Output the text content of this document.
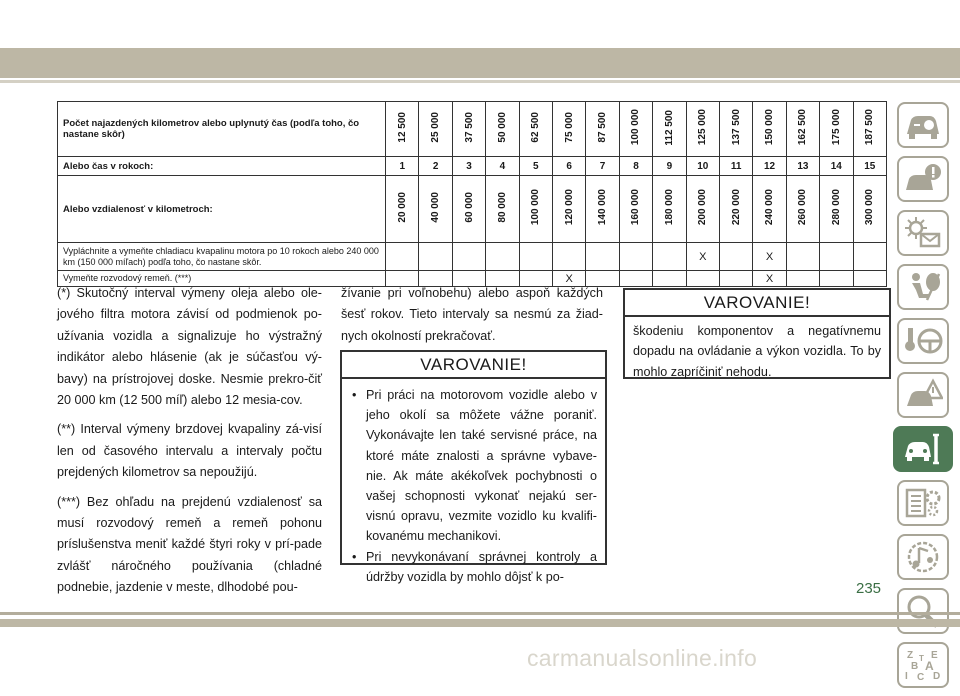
Počet najazdených kilometrov alebo uplynutý čas (podľa toho, čo nastane skôr)	12 500	25 000	37 500	50 000	62 500	75 000	87 500	100 000	112 500	125 000	137 500	150 000	162 500	175 000	187 500
Alebo čas v rokoch:	1	2	3	4	5	6	7	8	9	10	11	12	13	14	15
Alebo vzdialenosť v kilometroch:	20 000	40 000	60 000	80 000	100 000	120 000	140 000	160 000	180 000	200 000	220 000	240 000	260 000	280 000	300 000
Vypláchnite a vymeňte chladiacu kvapalinu motora po 10 rokoch alebo 240 000 km (150 000 míľach) podľa toho, čo nastane skôr.										X		X			
Vymeňte rozvodový remeň. (***)						X						X			

(*) Skutočný interval výmeny oleja alebo ole-jového filtra motora závisí od podmienok po-užívania vozidla a signalizuje ho výstražný indikátor alebo hlásenie (ak je súčasťou vý-bavy) na prístrojovej doske. Nesmie prekro-čiť 20 000 km (12 500 míľ) alebo 12 mesia-cov.

(**) Interval výmeny brzdovej kvapaliny zá-visí len od časového intervalu a intervaly počtu prejdených kilometrov sa nepoužijú.

(***) Bez ohľadu na prejdenú vzdialenosť sa musí rozvodový remeň a remeň pohonu príslušenstva meniť každé štyri roky v prí-pade zvlášť náročného používania (chladné podnebie, jazdenie v meste, dlhodobé pou-

žívanie pri voľnobehu) alebo aspoň každých šesť rokov. Tieto intervaly sa nesmú za žiad-nych okolností prekračovať.

VAROVANIE!
• Pri práci na motorovom vozidle alebo v jeho okolí sa môžete vážne poraniť. Vykonávajte len také servisné práce, na ktoré máte znalosti a správne vybave-nie. Ak máte akékoľvek pochybnosti o vašej schopnosti vykonať nejakú ser-visnú opravu, vezmite vozidlo ku kvalifi-kovanému mechanikovi.
• Pri nevykonávaní správnej kontroly a údržby vozidla by mohlo dôjsť k po-
VAROVANIE!
škodeniu komponentov a negatívnemu dopadu na ovládanie a výkon vozidla. To by mohlo zapríčiniť nehodu.
Z E
B A
T
I C D
235
carmanualsonline.info
